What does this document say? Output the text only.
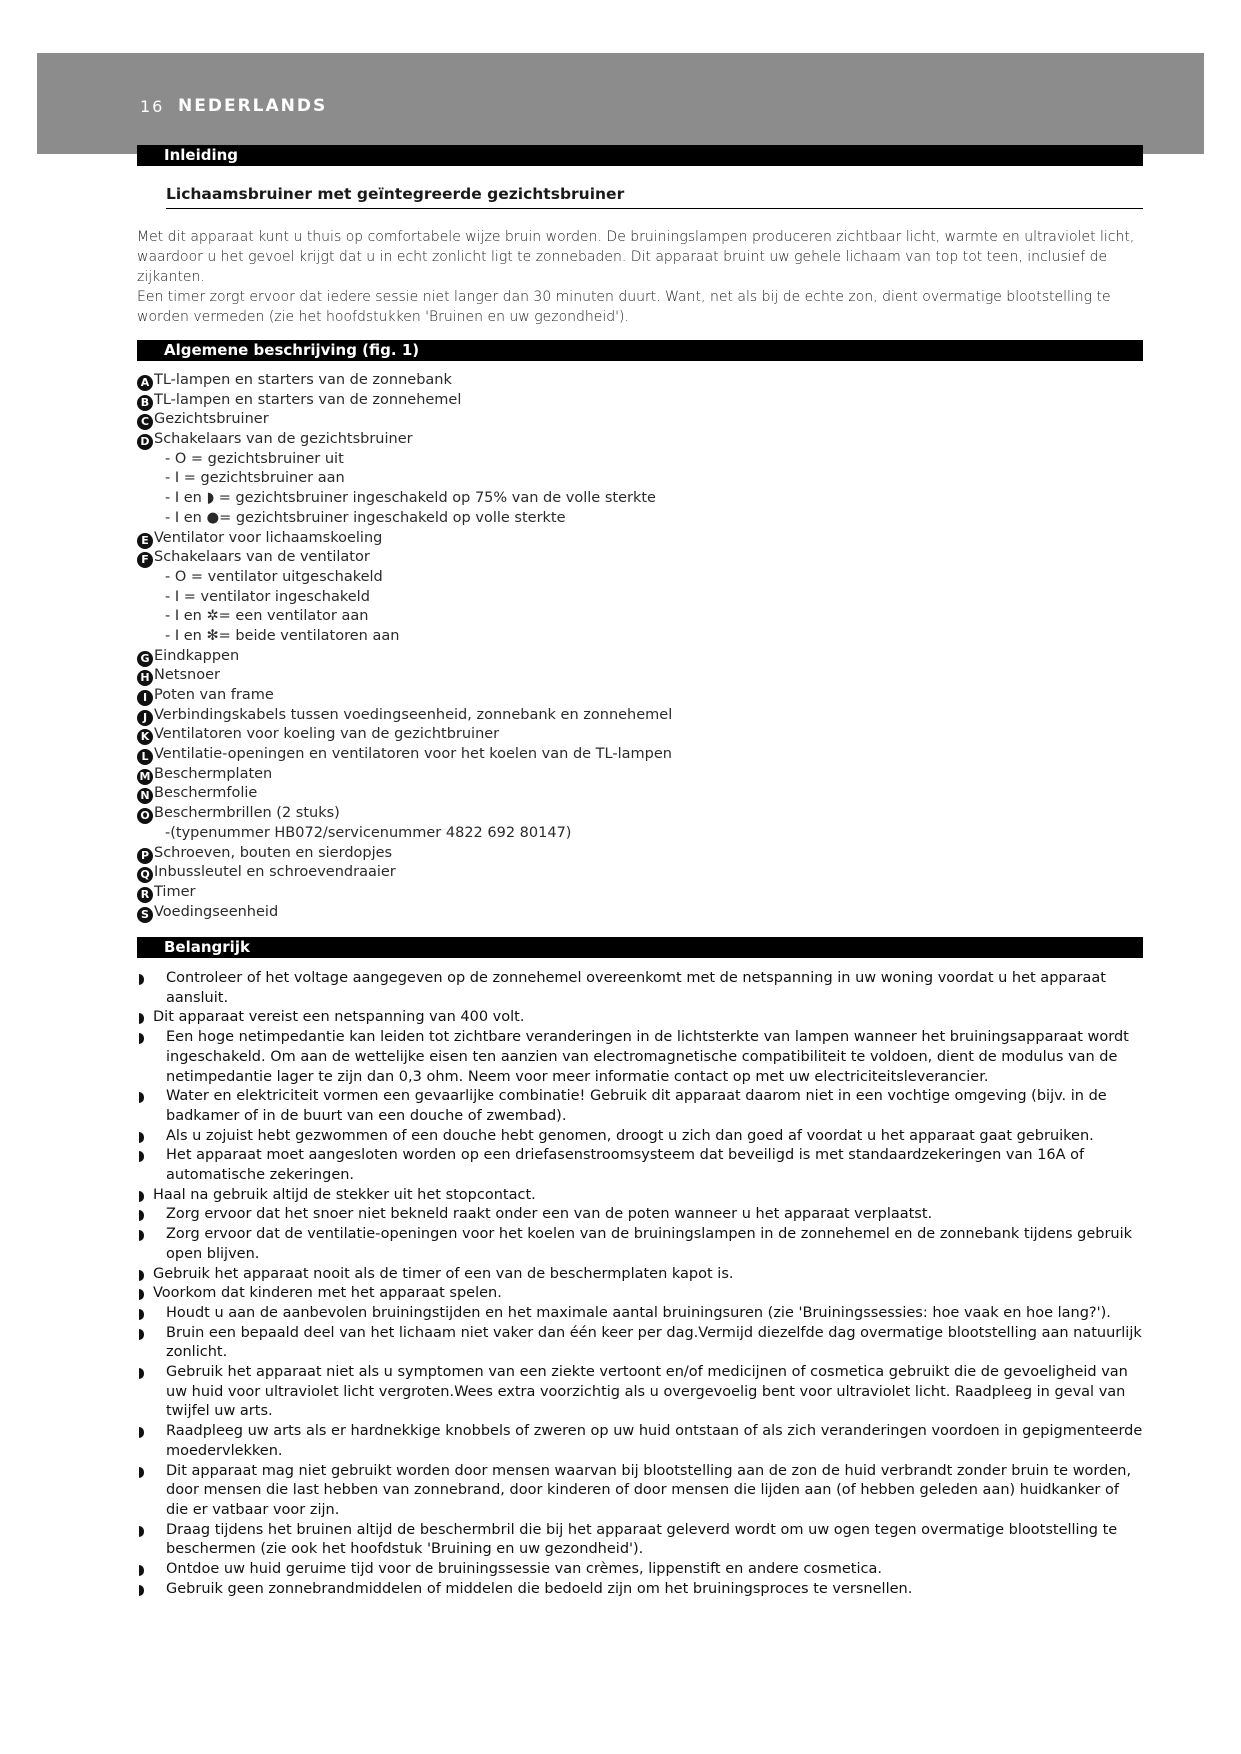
16 NEDERLANDS
Inleiding
Lichaamsbruiner met geïntegreerde gezichtsbruiner

Met dit apparaat kunt u thuis op comfortabele wijze bruin worden. De bruiningslampen produceren zichtbaar licht, warmte en ultraviolet licht, waardoor u het gevoel krijgt dat u in echt zonlicht ligt te zonnebaden. Dit apparaat bruint uw gehele lichaam van top tot teen, inclusief de zijkanten.

Een timer zorgt ervoor dat iedere sessie niet langer dan 30 minuten duurt. Want, net als bij de echte zon, dient overmatige blootstelling te worden vermeden (zie het hoofdstukken 'Bruinen en uw gezondheid').

Algemene beschrijving (fig. 1)
A TL-lampen en starters van de zonnebank
B TL-lampen en starters van de zonnehemel
C Gezichtsbruiner
D Schakelaars van de gezichtsbruiner
- O = gezichtsbruiner uit
- I = gezichtsbruiner aan
- I en ◗ = gezichtsbruiner ingeschakeld op 75% van de volle sterkte
- I en ●= gezichtsbruiner ingeschakeld op volle sterkte
E Ventilator voor lichaamskoeling
F Schakelaars van de ventilator
- O = ventilator uitgeschakeld
- I = ventilator ingeschakeld
- I en ✲= een ventilator aan
- I en ✻= beide ventilatoren aan
G Eindkappen
H Netsnoer
I Poten van frame
J Verbindingskabels tussen voedingseenheid, zonnebank en zonnehemel
K Ventilatoren voor koeling van de gezichtbruiner
L Ventilatie-openingen en ventilatoren voor het koelen van de TL-lampen
M Beschermplaten
N Beschermfolie
O Beschermbrillen (2 stuks)
-(typenummer HB072/servicenummer 4822 692 80147)
P Schroeven, bouten en sierdopjes
Q Inbussleutel en schroevendraaier
R Timer
S Voedingseenheid
Belangrijk
Controleer of het voltage aangegeven op de zonnehemel overeenkomt met de netspanning in uw woning voordat u het apparaat aansluit.
Dit apparaat vereist een netspanning van 400 volt.
Een hoge netimpedantie kan leiden tot zichtbare veranderingen in de lichtsterkte van lampen wanneer het bruiningsapparaat wordt ingeschakeld. Om aan de wettelijke eisen ten aanzien van electromagnetische compatibiliteit te voldoen, dient de modulus van de netimpedantie lager te zijn dan 0,3 ohm. Neem voor meer informatie contact op met uw electriciteitsleverancier.
Water en elektriciteit vormen een gevaarlijke combinatie! Gebruik dit apparaat daarom niet in een vochtige omgeving (bijv. in de badkamer of in de buurt van een douche of zwembad).
Als u zojuist hebt gezwommen of een douche hebt genomen, droogt u zich dan goed af voordat u het apparaat gaat gebruiken.
Het apparaat moet aangesloten worden op een driefasenstroomsysteem dat beveiligd is met standaardzekeringen van 16A of automatische zekeringen.
Haal na gebruik altijd de stekker uit het stopcontact.
Zorg ervoor dat het snoer niet bekneld raakt onder een van de poten wanneer u het apparaat verplaatst.
Zorg ervoor dat de ventilatie-openingen voor het koelen van de bruiningslampen in de zonnehemel en de zonnebank tijdens gebruik open blijven.
Gebruik het apparaat nooit als de timer of een van de beschermplaten kapot is.
Voorkom dat kinderen met het apparaat spelen.
Houdt u aan de aanbevolen bruiningstijden en het maximale aantal bruiningsuren (zie 'Bruiningssessies: hoe vaak en hoe lang?').
Bruin een bepaald deel van het lichaam niet vaker dan één keer per dag.Vermijd diezelfde dag overmatige blootstelling aan natuurlijk zonlicht.
Gebruik het apparaat niet als u symptomen van een ziekte vertoont en/of medicijnen of cosmetica gebruikt die de gevoeligheid van uw huid voor ultraviolet licht vergroten.Wees extra voorzichtig als u overgevoelig bent voor ultraviolet licht. Raadpleeg in geval van twijfel uw arts.
Raadpleeg uw arts als er hardnekkige knobbels of zweren op uw huid ontstaan of als zich veranderingen voordoen in gepigmenteerde moedervlekken.
Dit apparaat mag niet gebruikt worden door mensen waarvan bij blootstelling aan de zon de huid verbrandt zonder bruin te worden, door mensen die last hebben van zonnebrand, door kinderen of door mensen die lijden aan (of hebben geleden aan) huidkanker of die er vatbaar voor zijn.
Draag tijdens het bruinen altijd de beschermbril die bij het apparaat geleverd wordt om uw ogen tegen overmatige blootstelling te beschermen (zie ook het hoofdstuk 'Bruining en uw gezondheid').
Ontdoe uw huid geruime tijd voor de bruiningssessie van crèmes, lippenstift en andere cosmetica.
Gebruik geen zonnebrandmiddelen of middelen die bedoeld zijn om het bruiningsproces te versnellen.
